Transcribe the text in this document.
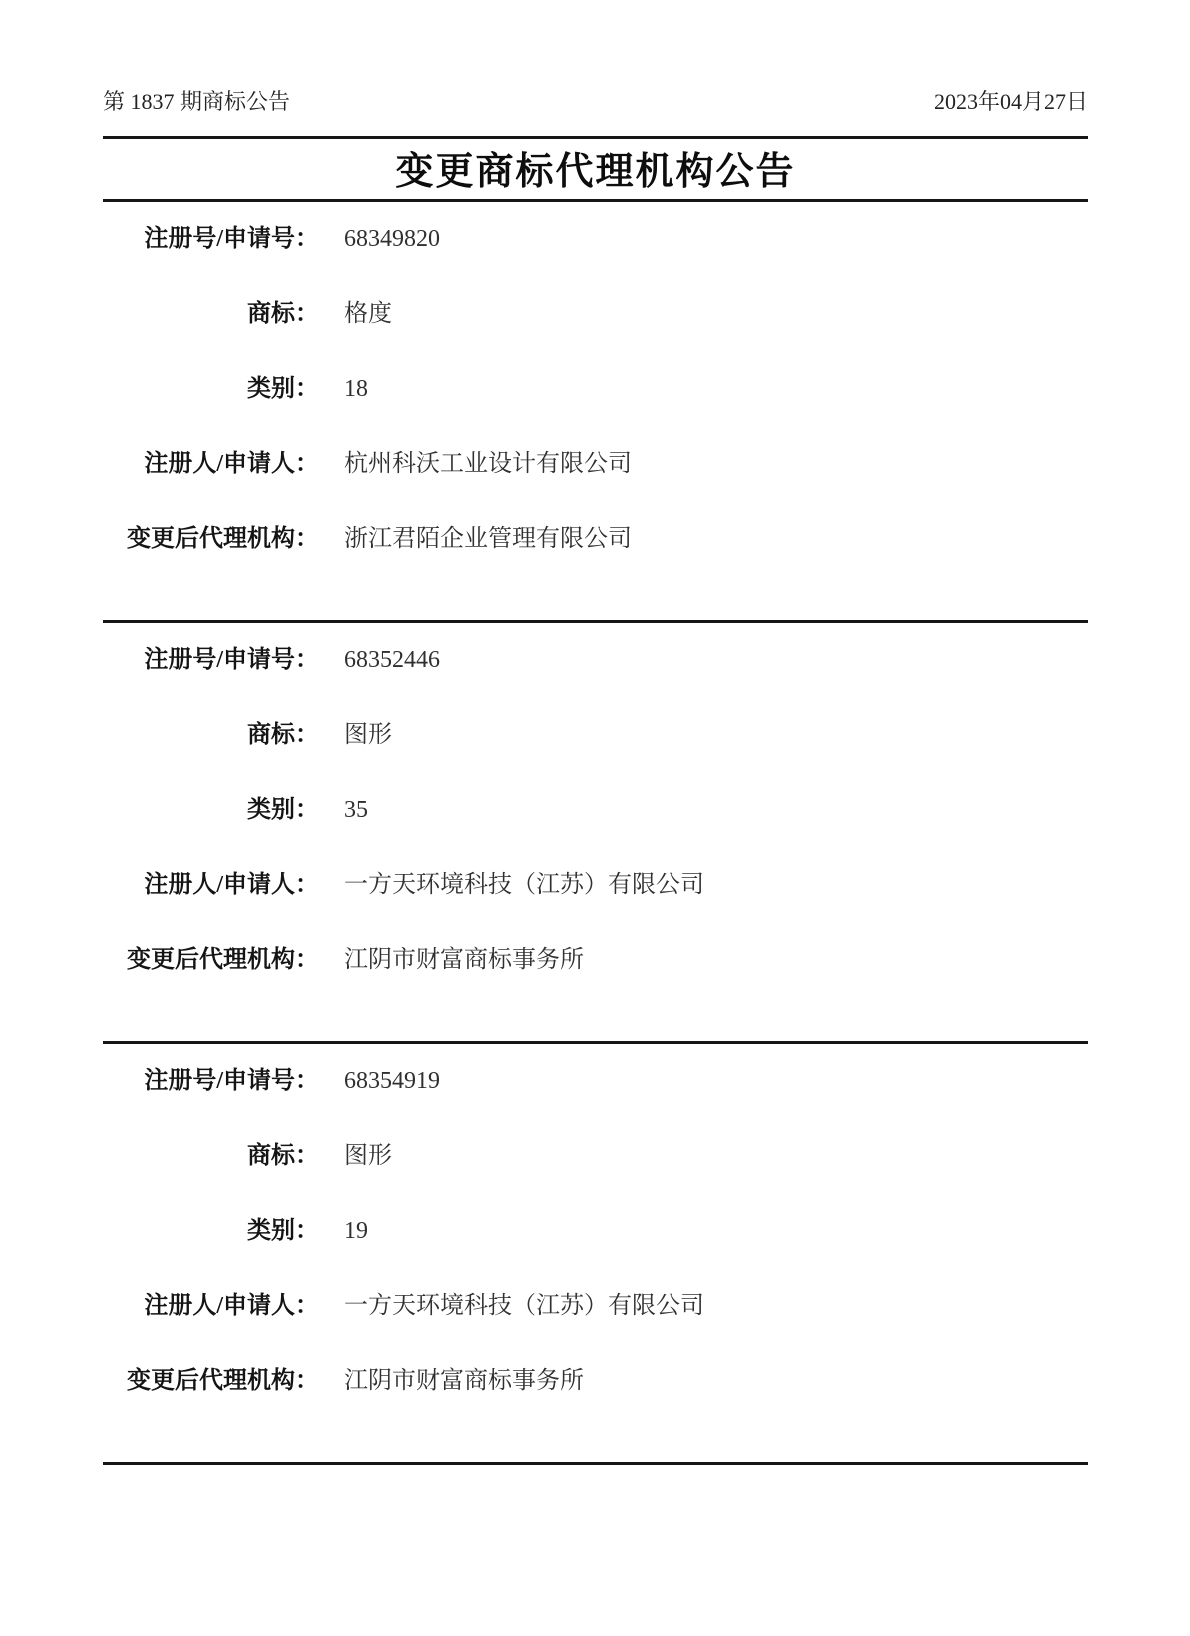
第 1837 期商标公告	2023年04月27日
变更商标代理机构公告
注册号/申请号： 68349820
商标： 格度
类别： 18
注册人/申请人： 杭州科沃工业设计有限公司
变更后代理机构： 浙江君陌企业管理有限公司
注册号/申请号： 68352446
商标： 图形
类别： 35
注册人/申请人： 一方天环境科技（江苏）有限公司
变更后代理机构： 江阴市财富商标事务所
注册号/申请号： 68354919
商标： 图形
类别： 19
注册人/申请人： 一方天环境科技（江苏）有限公司
变更后代理机构： 江阴市财富商标事务所
